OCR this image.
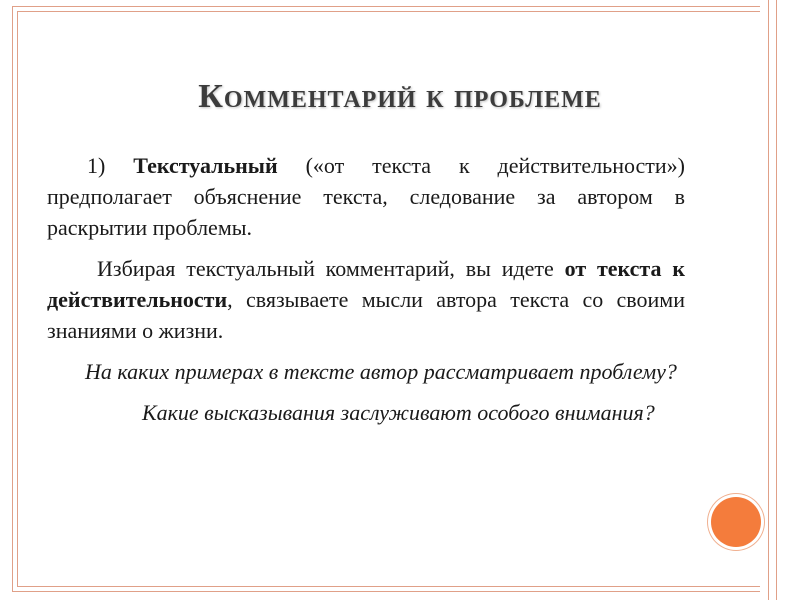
Комментарий к проблеме

1) Текстуальный («от текста к действительности») предполагает объяснение текста, следование за автором в раскрытии проблемы.

Избирая текстуальный комментарий, вы идете от текста к действительности, связываете мысли автора текста со своими знаниями о жизни.

На каких примерах в тексте автор рассматривает проблему?

Какие высказывания заслуживают особого внимания?
